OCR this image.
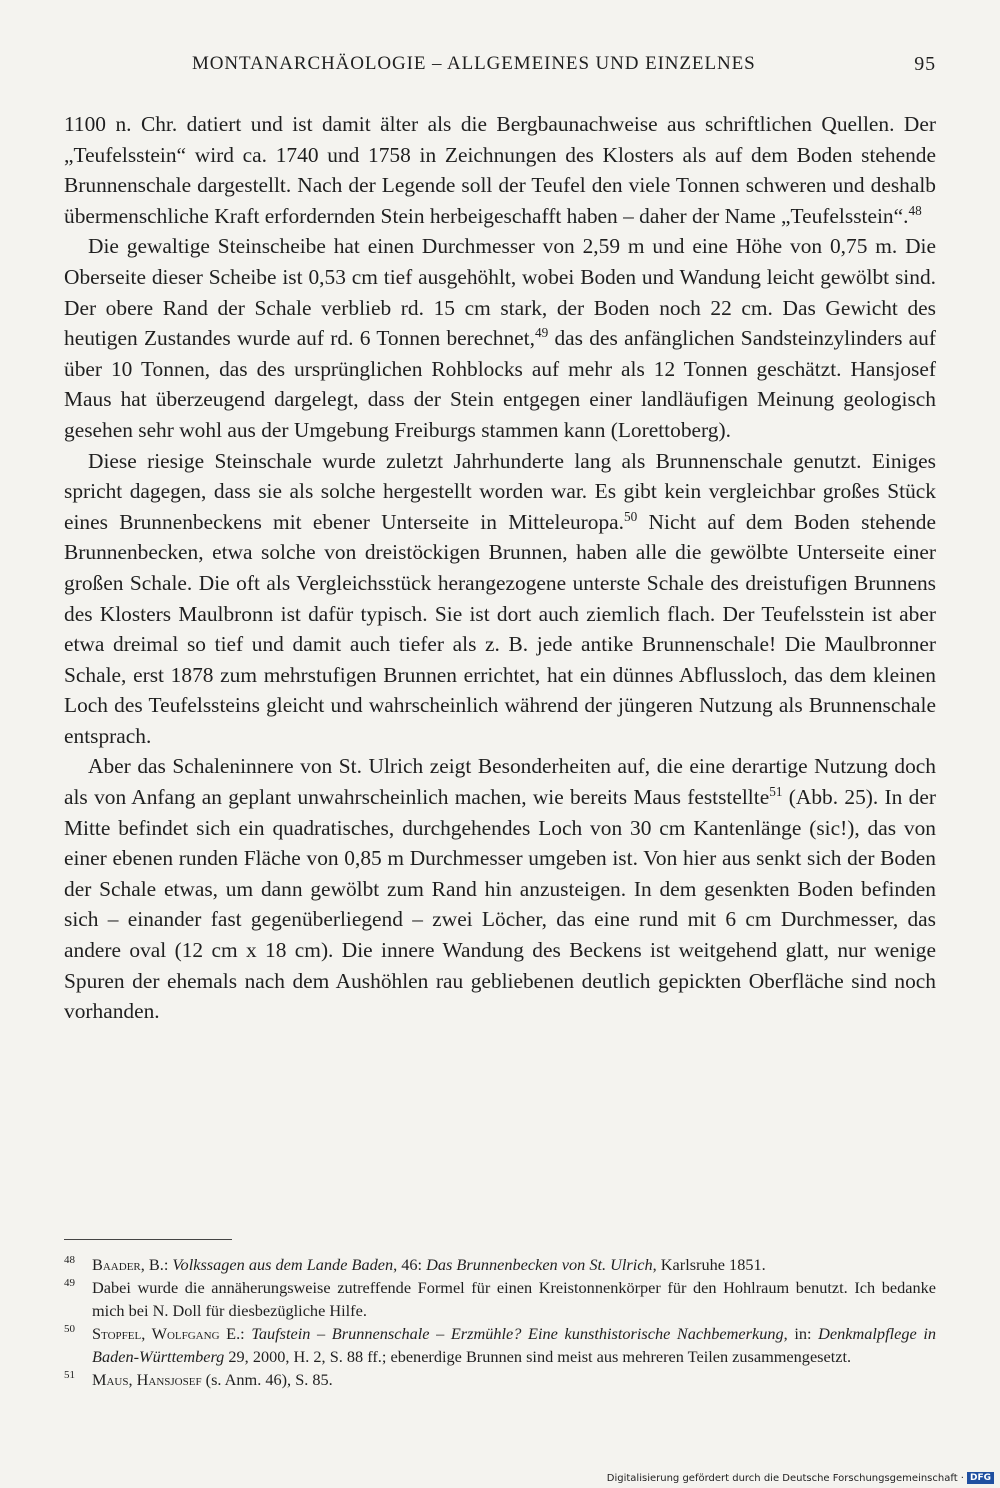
MONTANARCHÄOLOGIE – ALLGEMEINES UND EINZELNES	95

1100 n. Chr. datiert und ist damit älter als die Bergbaunachweise aus schriftlichen Quellen. Der „Teufelsstein“ wird ca. 1740 und 1758 in Zeichnungen des Klosters als auf dem Boden stehende Brunnenschale dargestellt. Nach der Legende soll der Teufel den viele Tonnen schweren und deshalb übermenschliche Kraft erfordernden Stein herbeigeschafft haben – daher der Name „Teufelsstein“.$^{48}$

Die gewaltige Steinscheibe hat einen Durchmesser von 2,59 m und eine Höhe von 0,75 m. Die Oberseite dieser Scheibe ist 0,53 cm tief ausgehöhlt, wobei Boden und Wandung leicht gewölbt sind. Der obere Rand der Schale verblieb rd. 15 cm stark, der Boden noch 22 cm. Das Gewicht des heutigen Zustandes wurde auf rd. 6 Tonnen berechnet,$^{49}$ das des anfänglichen Sandsteinzylinders auf über 10 Tonnen, das des ursprünglichen Rohblocks auf mehr als 12 Tonnen geschätzt. Hansjosef Maus hat überzeugend dargelegt, dass der Stein entgegen einer landläufigen Meinung geologisch gesehen sehr wohl aus der Umgebung Freiburgs stammen kann (Lorettoberg).

Diese riesige Steinschale wurde zuletzt Jahrhunderte lang als Brunnenschale genutzt. Einiges spricht dagegen, dass sie als solche hergestellt worden war. Es gibt kein vergleichbar großes Stück eines Brunnenbeckens mit ebener Unterseite in Mitteleuropa.$^{50}$ Nicht auf dem Boden stehende Brunnenbecken, etwa solche von dreistöckigen Brunnen, haben alle die gewölbte Unterseite einer großen Schale. Die oft als Vergleichsstück herangezogene unterste Schale des dreistufigen Brunnens des Klosters Maulbronn ist dafür typisch. Sie ist dort auch ziemlich flach. Der Teufelsstein ist aber etwa dreimal so tief und damit auch tiefer als z. B. jede antike Brunnenschale! Die Maulbronner Schale, erst 1878 zum mehrstufigen Brunnen errichtet, hat ein dünnes Abflussloch, das dem kleinen Loch des Teufelssteins gleicht und wahrscheinlich während der jüngeren Nutzung als Brunnenschale entsprach.

Aber das Schaleninnere von St. Ulrich zeigt Besonderheiten auf, die eine derartige Nutzung doch als von Anfang an geplant unwahrscheinlich machen, wie bereits Maus feststellte$^{51}$ (Abb. 25). In der Mitte befindet sich ein quadratisches, durchgehendes Loch von 30 cm Kantenlänge (sic!), das von einer ebenen runden Fläche von 0,85 m Durchmesser umgeben ist. Von hier aus senkt sich der Boden der Schale etwas, um dann gewölbt zum Rand hin anzusteigen. In dem gesenkten Boden befinden sich – einander fast gegenüberliegend – zwei Löcher, das eine rund mit 6 cm Durchmesser, das andere oval (12 cm x 18 cm). Die innere Wandung des Beckens ist weitgehend glatt, nur wenige Spuren der ehemals nach dem Aushöhlen rau gebliebenen deutlich gepickten Oberfläche sind noch vorhanden.

48 Baader, B.: Volkssagen aus dem Lande Baden, 46: Das Brunnenbecken von St. Ulrich, Karlsruhe 1851.
49 Dabei wurde die annäherungsweise zutreffende Formel für einen Kreistonnenkörper für den Hohlraum benutzt. Ich bedanke mich bei N. Doll für diesbezügliche Hilfe.
50 Stopfel, Wolfgang E.: Taufstein – Brunnenschale – Erzmühle? Eine kunsthistorische Nachbemerkung, in: Denkmalpflege in Baden-Württemberg 29, 2000, H. 2, S. 88 ff.; ebenerdige Brunnen sind meist aus mehreren Teilen zusammengesetzt.
51 Maus, Hansjosef (s. Anm. 46), S. 85.
Digitalisierung gefördert durch die Deutsche Forschungsgemeinschaft · DFG
